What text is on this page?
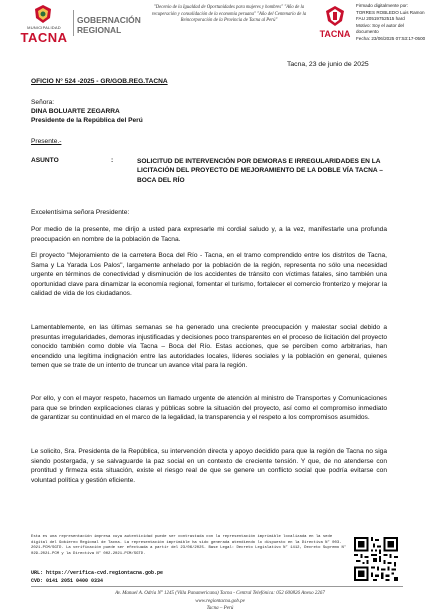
MUNICIPALIDAD
TACNA
GOBERNACIÓN
REGIONAL
"Decenio de la Igualdad de Oportunidades para mujeres y hombres" "Año de la recuperación y consolidación de la economía peruana" "Año del Centenario de la Reincorporación de la Provincia de Tacna al Perú"
TACNA
Firmado digitalmente por:
TORRES ROBLEDO Luis Ramon
FAU 20519752515 hard
Motivo: Soy el autor del
documento
Fecha: 23/06/2025 07:53:17-0500
Tacna, 23 de junio de 2025
OFICIO N° 524 -2025 - GR/GOB.REG.TACNA
Señora:
DINA BOLUARTE ZEGARRA
Presidente de la República del Perú
Presente.-
ASUNTO	:	SOLICITUD DE INTERVENCIÓN POR DEMORAS E IRREGULARIDADES EN LA LICITACIÓN DEL PROYECTO DE MEJORAMIENTO DE LA DOBLE VÍA TACNA – BOCA DEL RÍO
Excelentísima señora Presidente:
Por medio de la presente, me dirijo a usted para expresarle mi cordial saludo y, a la vez, manifestarle una profunda preocupación en nombre de la población de Tacna.
El proyecto "Mejoramiento de la carretera Boca del Río - Tacna, en el tramo comprendido entre los distritos de Tacna, Sama y La Yarada Los Palos", largamente anhelado por la población de la región, representa no sólo una necesidad urgente en términos de conectividad y disminución de los accidentes de tránsito con víctimas fatales, sino también una oportunidad clave para dinamizar la economía regional, fomentar el turismo, fortalecer el comercio fronterizo y mejorar la calidad de vida de los ciudadanos.
Lamentablemente, en las últimas semanas se ha generado una creciente preocupación y malestar social debido a presuntas irregularidades, demoras injustificadas y decisiones poco transparentes en el proceso de licitación del proyecto conocido también como doble vía Tacna – Boca del Río. Estas acciones, que se perciben como arbitrarias, han encendido una legítima indignación entre las autoridades locales, líderes sociales y la población en general, quienes temen que se trate de un intento de truncar un avance vital para la región.
Por ello, y con el mayor respeto, hacemos un llamado urgente de atención al ministro de Transportes y Comunicaciones para que se brinden explicaciones claras y públicas sobre la situación del proyecto, así como el compromiso inmediato de garantizar su continuidad en el marco de la legalidad, la transparencia y el respeto a los compromisos asumidos.
Le solicito, Sra. Presidenta de la República, su intervención directa y apoyo decidido para que la región de Tacna no siga siendo postergada, y se salvaguarde la paz social en un contexto de creciente tensión. Y que, de no atenderse con prontitud y firmeza esta situación, existe el riesgo real de que se genere un conflicto social que podría evitarse con voluntad política y gestión eficiente.
Esta es una representación impresa cuya autenticidad puede ser contrastada con la representación imprimible localizada en la sede digital del Gobierno Regional de Tacna. La representación imprimible ha sido generada atendiendo lo dispuesto en la Directiva N° 003-2021-PCM/SGTD. La verificación puede ser efectuada a partir del 23/06/2025. Base Legal: Decreto Legislativo N° 1412, Decreto Supremo N° 029-2021-PCM y la Directiva N° 002-2021-PCM/SGTD.
URL: https://verifica-cvd.regiontacna.gob.pe
CVD: 0141 2051 0400 0334
Av. Manuel A. Odría N° 1245 (Villa Panamericana) Tacna - Central Telefónica: 052 600826 Anexo 2267
www.regiontacna.gob.pe
Tacna – Perú
